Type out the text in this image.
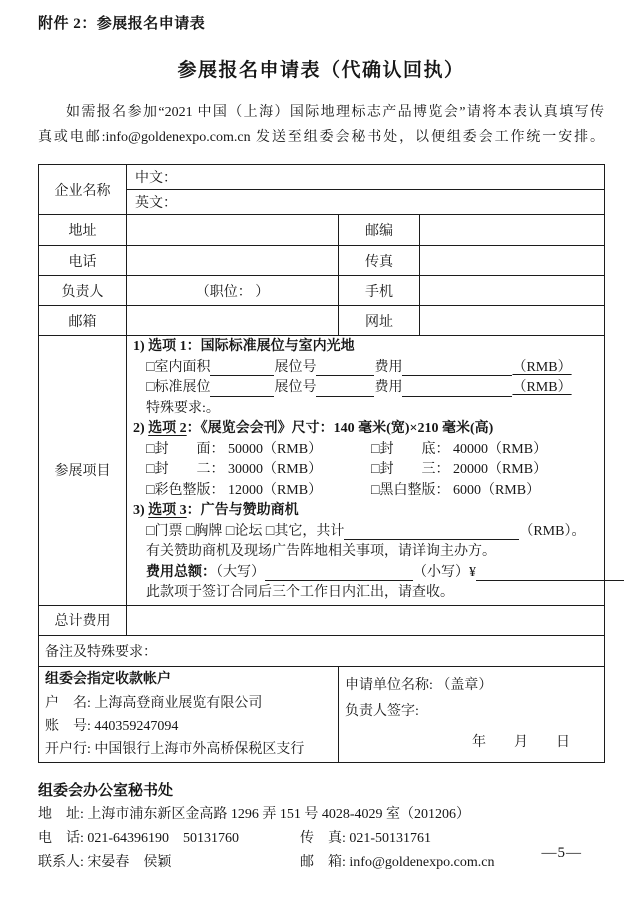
附件 2：参展报名申请表
参展报名申请表（代确认回执）
如需报名参加“2021 中国（上海）国际地理标志产品博览会”请将本表认真填写传
真或电邮:info@goldenexpo.com.cn 发送至组委会秘书处，以便组委会工作统一安排。
企业名称	中文：		
	英文：		
地址		邮编	
电话		传真	
负责人	（职位： ）	手机	
邮箱		网址	
参展项目	
1) 选项 1：国际标准展位与室内光地
□室内面积	展位号	费用	（RMB）
□标准展位	展位号	费用	（RMB）
特殊要求:。
2) 选项 2：《展览会会刊》尺寸：140 毫米(宽)×210 毫米(高)
□封　　面： 50000（RMB）	□封　　底： 40000（RMB）
□封　　二： 30000（RMB）	□封　　三： 20000（RMB）
□彩色整版： 12000（RMB）	□黑白整版： 6000（RMB）
3) 选项 3：广告与赞助商机
□门票 □胸牌 □论坛 □其它，共计	（RMB）。
有关赞助商机及现场广告阵地相关事项，请详询主办方。
费用总额：（大写）	（小写）¥
此款项于签订合同后三个工作日内汇出，请查收。

总计费用			
备注及特殊要求：			

组委会指定收款帐户
户　名: 上海高登商业展览有限公司
账　号: 440359247094
开户行: 中国银行上海市外高桥保税区支行

申请单位名称: （盖章）
负责人签字:
年　　月　　日
组委会办公室秘书处
地　址: 上海市浦东新区金高路 1296 弄 151 号 4028-4029 室（201206）
电　话: 021-64396190　50131760	传　真: 021-50131761
联系人: 宋晏春　侯颖	邮　箱: info@goldenexpo.com.cn
—5—
